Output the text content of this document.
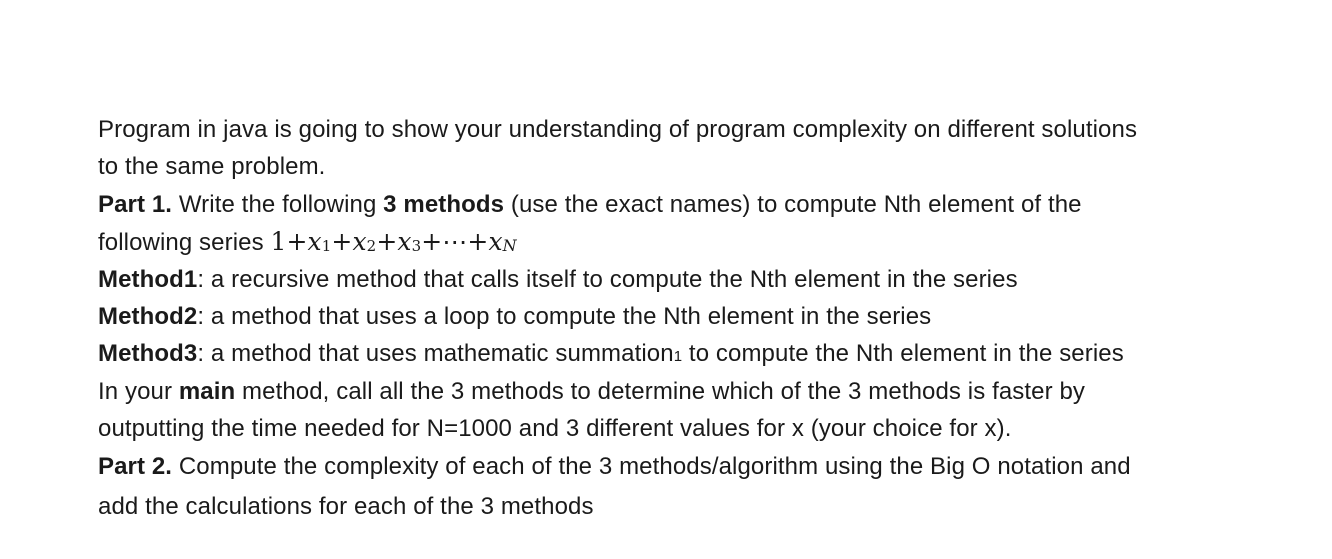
Program in java is going to show your understanding of program complexity on different solutions
to the same problem.
Part 1. Write the following 3 methods (use the exact names) to compute Nth element of the
following series $1+x_1+x_2+x_3+\cdots+x_N$
Method1: a recursive method that calls itself to compute the Nth element in the series
Method2: a method that uses a loop to compute the Nth element in the series
Method3: a method that uses mathematic summation1 to compute the Nth element in the series
In your main method, call all the 3 methods to determine which of the 3 methods is faster by
outputting the time needed for N=1000 and 3 different values for x (your choice for x).
Part 2. Compute the complexity of each of the 3 methods/algorithm using the Big O notation and
add the calculations for each of the 3 methods
